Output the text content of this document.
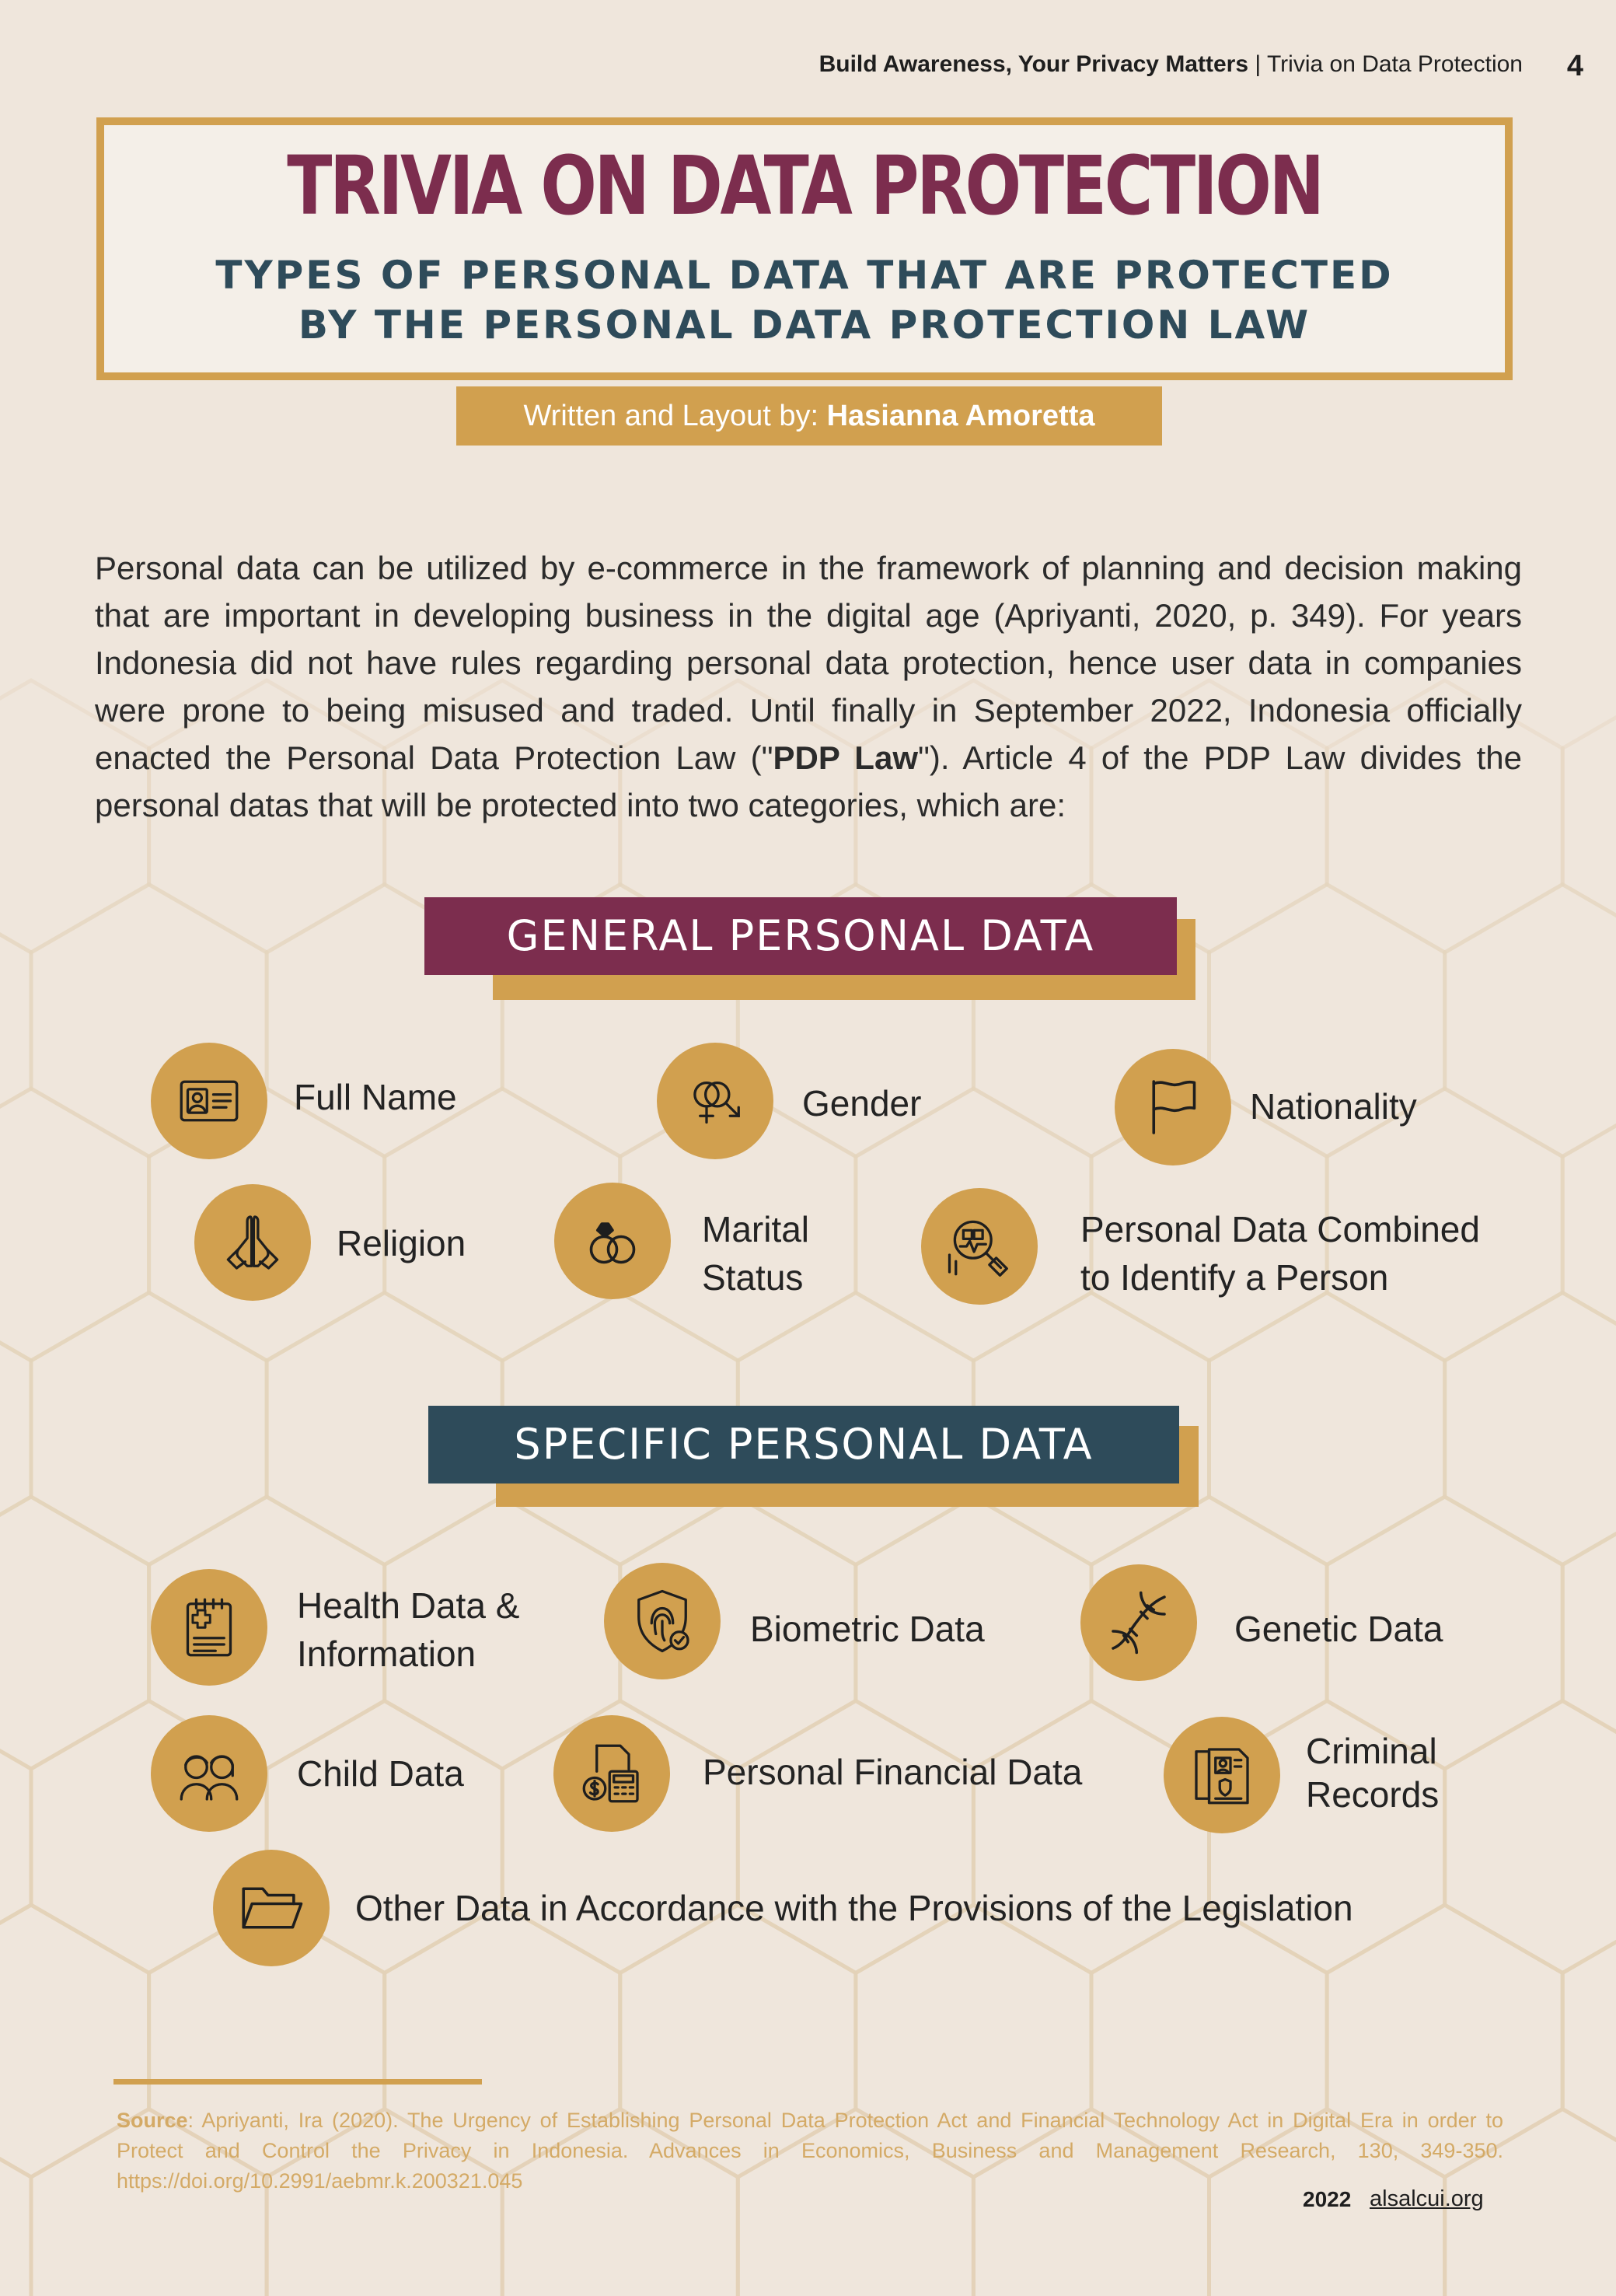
Build Awareness, Your Privacy Matters | Trivia on Data Protection 4
TRIVIA ON DATA PROTECTION
TYPES OF PERSONAL DATA THAT ARE PROTECTED
BY THE PERSONAL DATA PROTECTION LAW
Written and Layout by: Hasianna Amoretta
Personal data can be utilized by e-commerce in the framework of planning and decision making that are important in developing business in the digital age (Apriyanti, 2020, p. 349). For years Indonesia did not have rules regarding personal data protection, hence user data in companies were prone to being misused and traded. Until finally in September 2022, Indonesia officially enacted the Personal Data Protection Law ("PDP Law"). Article 4 of the PDP Law divides the personal datas that will be protected into two categories, which are:
GENERAL PERSONAL DATA
Full Name	Gender	Nationality
Religion	Marital
Status
Personal Data Combined
to Identify a Person
SPECIFIC PERSONAL DATA
Health Data &
Information
Biometric Data	Genetic Data
Child Data	Personal Financial Data
Criminal
Records
Other Data in Accordance with the Provisions of the Legislation
Source: Apriyanti, Ira (2020). The Urgency of Establishing Personal Data Protection Act and Financial Technology Act in Digital Era in order to Protect and Control the Privacy in Indonesia. Advances in Economics, Business and Management Research, 130, 349-350. https://doi.org/10.2991/aebmr.k.200321.045
2022 alsalcui.org
